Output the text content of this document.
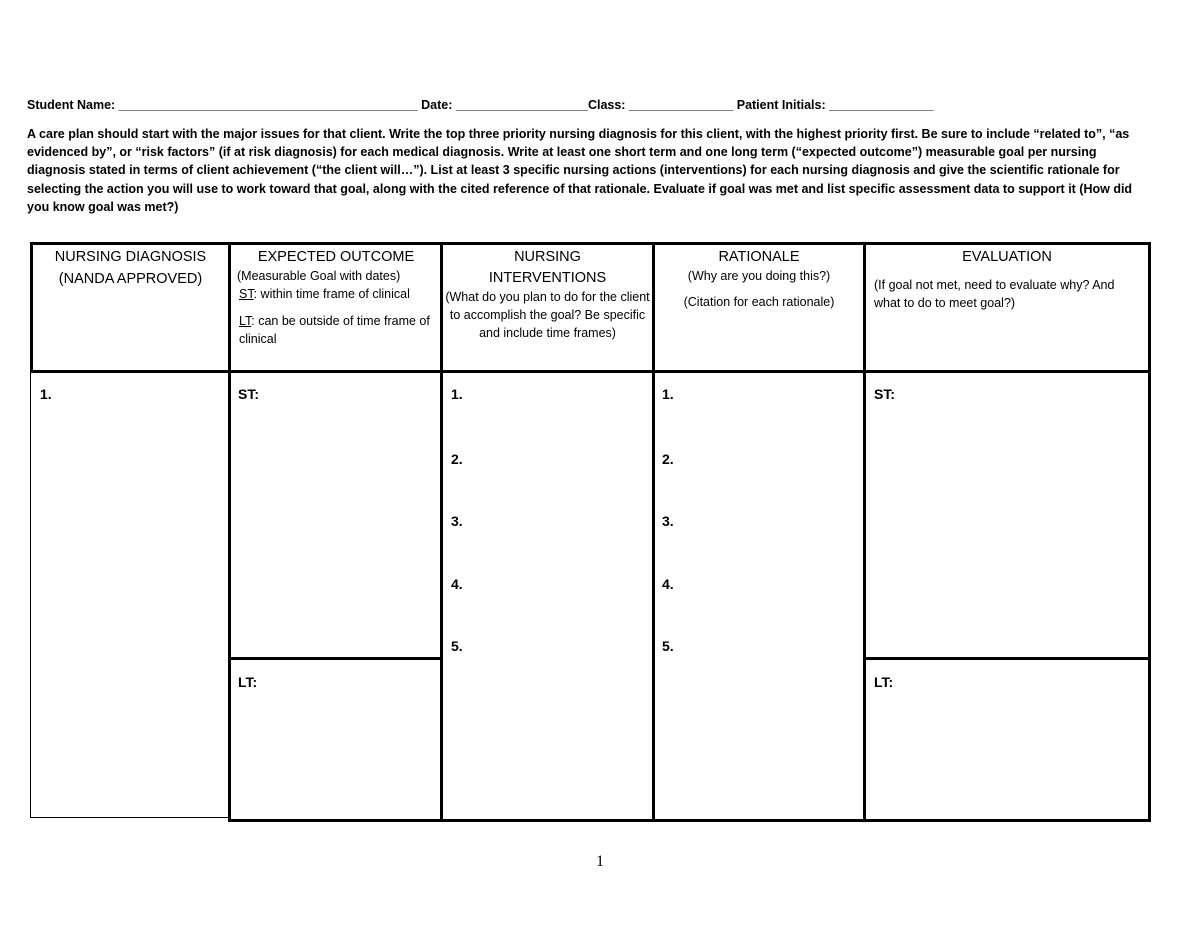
Student Name: ___________________________________________ Date: ___________________Class: _______________ Patient Initials: _______________
A care plan should start with the major issues for that client. Write the top three priority nursing diagnosis for this client, with the highest priority first. Be sure to include “related to”, “as evidenced by”, or “risk factors” (if at risk diagnosis) for each medical diagnosis. Write at least one short term and one long term (“expected outcome”) measurable goal per nursing diagnosis stated in terms of client achievement (“the client will…”). List at least 3 specific nursing actions (interventions) for each nursing diagnosis and give the scientific rationale for selecting the action you will use to work toward that goal, along with the cited reference of that rationale. Evaluate if goal was met and list specific assessment data to support it (How did you know goal was met?)
NURSING DIAGNOSIS
(NANDA APPROVED)
EXPECTED OUTCOME
(Measurable Goal with dates)
ST: within time frame of clinical
LT: can be outside of time frame of clinical
NURSING
INTERVENTIONS
(What do you plan to do for the client to accomplish the goal? Be specific and include time frames)
RATIONALE
(Why are you doing this?)
(Citation for each rationale)
EVALUATION
(If goal not met, need to evaluate why? And what to do to meet goal?)
1.	ST:
LT:
1.
2.
3.
4.
5.
1.
2.
3.
4.
5.
ST:
LT:
1
